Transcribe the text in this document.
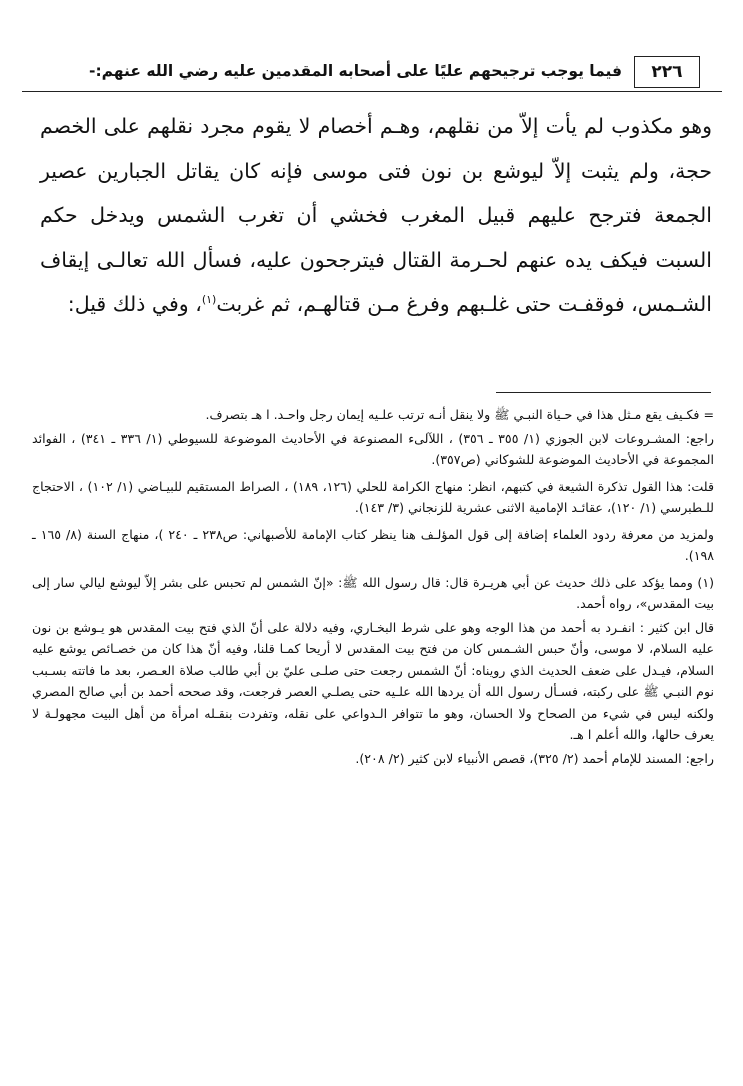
فيما يوجب ترجيحهم عليًا على أصحابه المقدمين عليه رضي الله عنهم:-	٢٢٦

وهو مكذوب لم يأت إلاّ من نقلهم، وهـم أخصام لا يقوم مجرد نقلهم على الخصم حجة، ولم يثبت إلاّ ليوشع بن نون فتى موسى فإنه كان يقاتل الجبارين عصير الجمعة فترجح عليهم قبيل المغرب فخشي أن تغرب الشمس ويدخل حكم السبت فيكف يده عنهم لحـرمة القتال فيترجحون عليه، فسأل الله تعالـى إيقاف الشـمس، فوقفـت حتى غلـبهم وفرغ مـن قتالهـم، ثم غربت$^{(١)}$، وفي ذلك قيل:

= فكـيف يقع مـثل هذا في حـياة النبـي ﷺ ولا ينقل أنـه ترتب علـيه إيمان رجل واحـد. ا هـ بتصرف.

راجع: المشـروعات لابن الجوزي (١/ ٣٥٥ ـ ٣٥٦) ، اللآلىء المصنوعة في الأحاديث الموضوعة للسيوطي (١/ ٣٣٦ ـ ٣٤١) ، الفوائد المجموعة في الأحاديث الموضوعة للشوكاني (ص٣٥٧).

قلت: هذا القول تذكرة الشيعة في كتبهم، انظر: منهاج الكرامة للحلي (١٢٦، ١٨٩) ، الصراط المستقيم للبيـاضي (١/ ١٠٢) ، الاحتجاج للـطبرسي (١/ ١٢٠)، عقائـد الإمامية الاثنى عشرية للزنجاني (٣/ ١٤٣).

ولمزيد من معرفة ردود العلماء إضافة إلى قول المؤلـف هنا ينظر كتاب الإمامة للأصبهاني: ص٢٣٨ ـ ٢٤٠ )، منهاج السنة (٨/ ١٦٥ ـ ١٩٨).

(١) ومما يؤكد على ذلك حديث عن أبي هريـرة قال: قال رسول الله ﷺ: «إنّ الشمس لم تحبس على بشر إلاّ ليوشع ليالي سار إلى بيت المقدس»، رواه أحمد.

قال ابن كثير : انفـرد به أحمد من هذا الوجه وهو على شرط البخـاري، وفيه دلالة على أنّ الذي فتح بيت المقدس هو يـوشع بن نون عليه السلام، لا موسى، وأنّ حبس الشـمس كان من فتح بيت المقدس لا أريحا كمـا قلنا، وفيه أنّ هذا كان من خصـائص يوشع عليه السلام، فيـدل على ضعف الحديث الذي رويناه: أنّ الشمس رجعت حتى صلـى عليّ بن أبي طالب صلاة العـصر، بعد ما فاتته بسـبب نوم النبـي ﷺ على ركبته، فسـأل رسول الله أن يردها الله علـيه حتى يصلـي العصر فرجعت، وقد صححه أحمد بن أبي صالح المصري ولكنه ليس في شيء من الصحاح ولا الحسان، وهو ما تتوافر الـدواعي على نقله، وتفردت بنقـله امرأة من أهل البيت مجهولـة لا يعرف حالها، والله أعلم ا هـ.

راجع: المسند للإمام أحمد (٢/ ٣٢٥)، قصص الأنبياء لابن كثير (٢/ ٢٠٨).
